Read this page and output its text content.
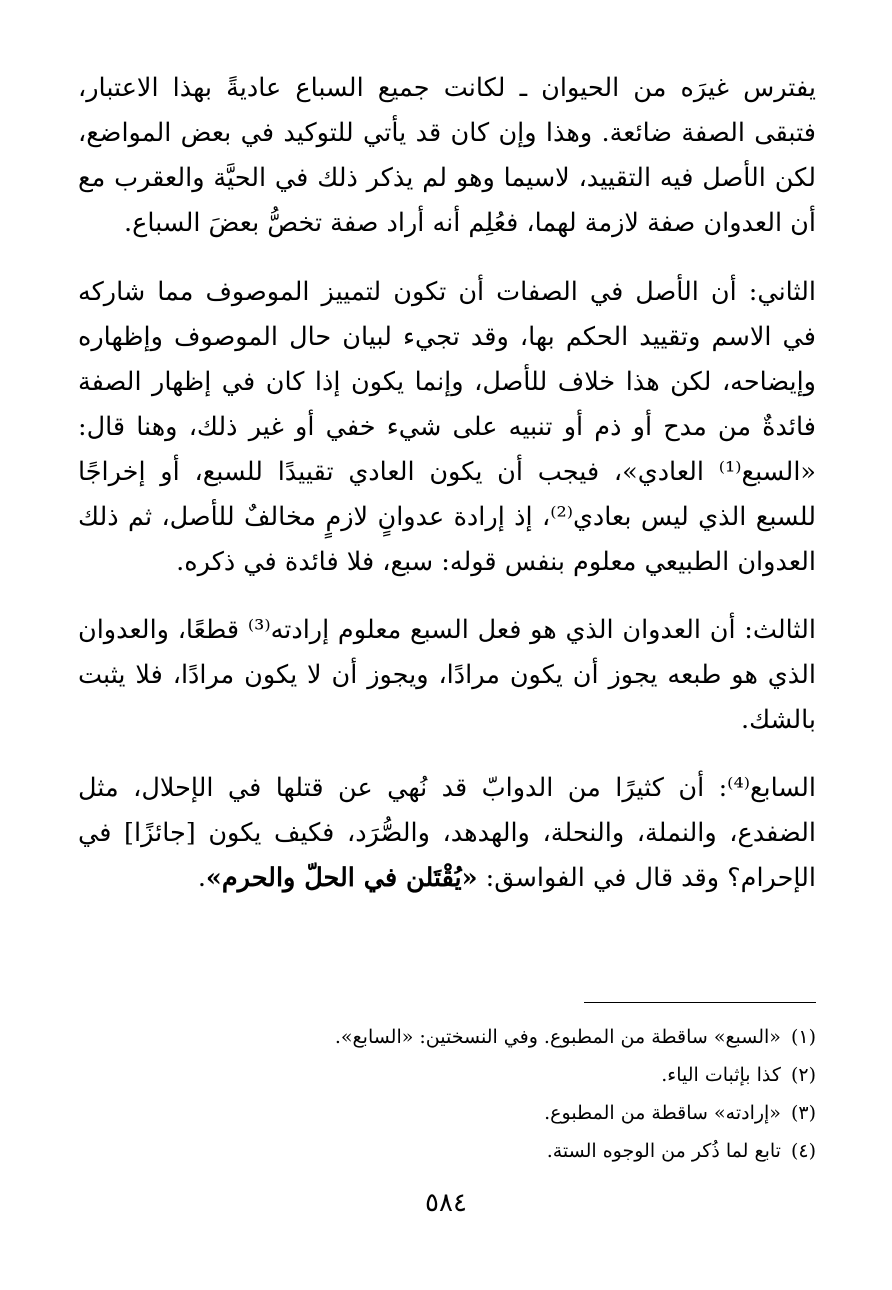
يفترس غيرَه من الحيوان ـ لكانت جميع السباع عاديةً بهذا الاعتبار، فتبقى الصفة ضائعة. وهذا وإن كان قد يأتي للتوكيد في بعض المواضع، لكن الأصل فيه التقييد، لاسيما وهو لم يذكر ذلك في الحيَّة والعقرب مع أن العدوان صفة لازمة لهما، فعُلِم أنه أراد صفة تخصُّ بعضَ السباع.

الثاني: أن الأصل في الصفات أن تكون لتمييز الموصوف مما شاركه في الاسم وتقييد الحكم بها، وقد تجيء لبيان حال الموصوف وإظهاره وإيضاحه، لكن هذا خلاف للأصل، وإنما يكون إذا كان في إظهار الصفة فائدةٌ من مدح أو ذم أو تنبيه على شيء خفي أو غير ذلك، وهنا قال: «السبع⁽¹⁾ العادي»، فيجب أن يكون العادي تقييدًا للسبع، أو إخراجًا للسبع الذي ليس بعادي⁽²⁾، إذ إرادة عدوانٍ لازمٍ مخالفٌ للأصل، ثم ذلك العدوان الطبيعي معلوم بنفس قوله: سبع، فلا فائدة في ذكره.

الثالث: أن العدوان الذي هو فعل السبع معلوم إرادته⁽³⁾ قطعًا، والعدوان الذي هو طبعه يجوز أن يكون مرادًا، ويجوز أن لا يكون مرادًا، فلا يثبت بالشك.

السابع⁽⁴⁾: أن كثيرًا من الدوابّ قد نُهي عن قتلها في الإحلال، مثل الضفدع، والنملة، والنحلة، والهدهد، والصُّرَد، فكيف يكون [جائزًا] في الإحرام؟ وقد قال في الفواسق: «يُقْتَلن في الحلّ والحرم».

(١)«السبع» ساقطة من المطبوع. وفي النسختين: «السابع».

(٢)كذا بإثبات الياء.

(٣)«إرادته» ساقطة من المطبوع.

(٤)تابع لما ذُكر من الوجوه الستة.

٥٨٤
